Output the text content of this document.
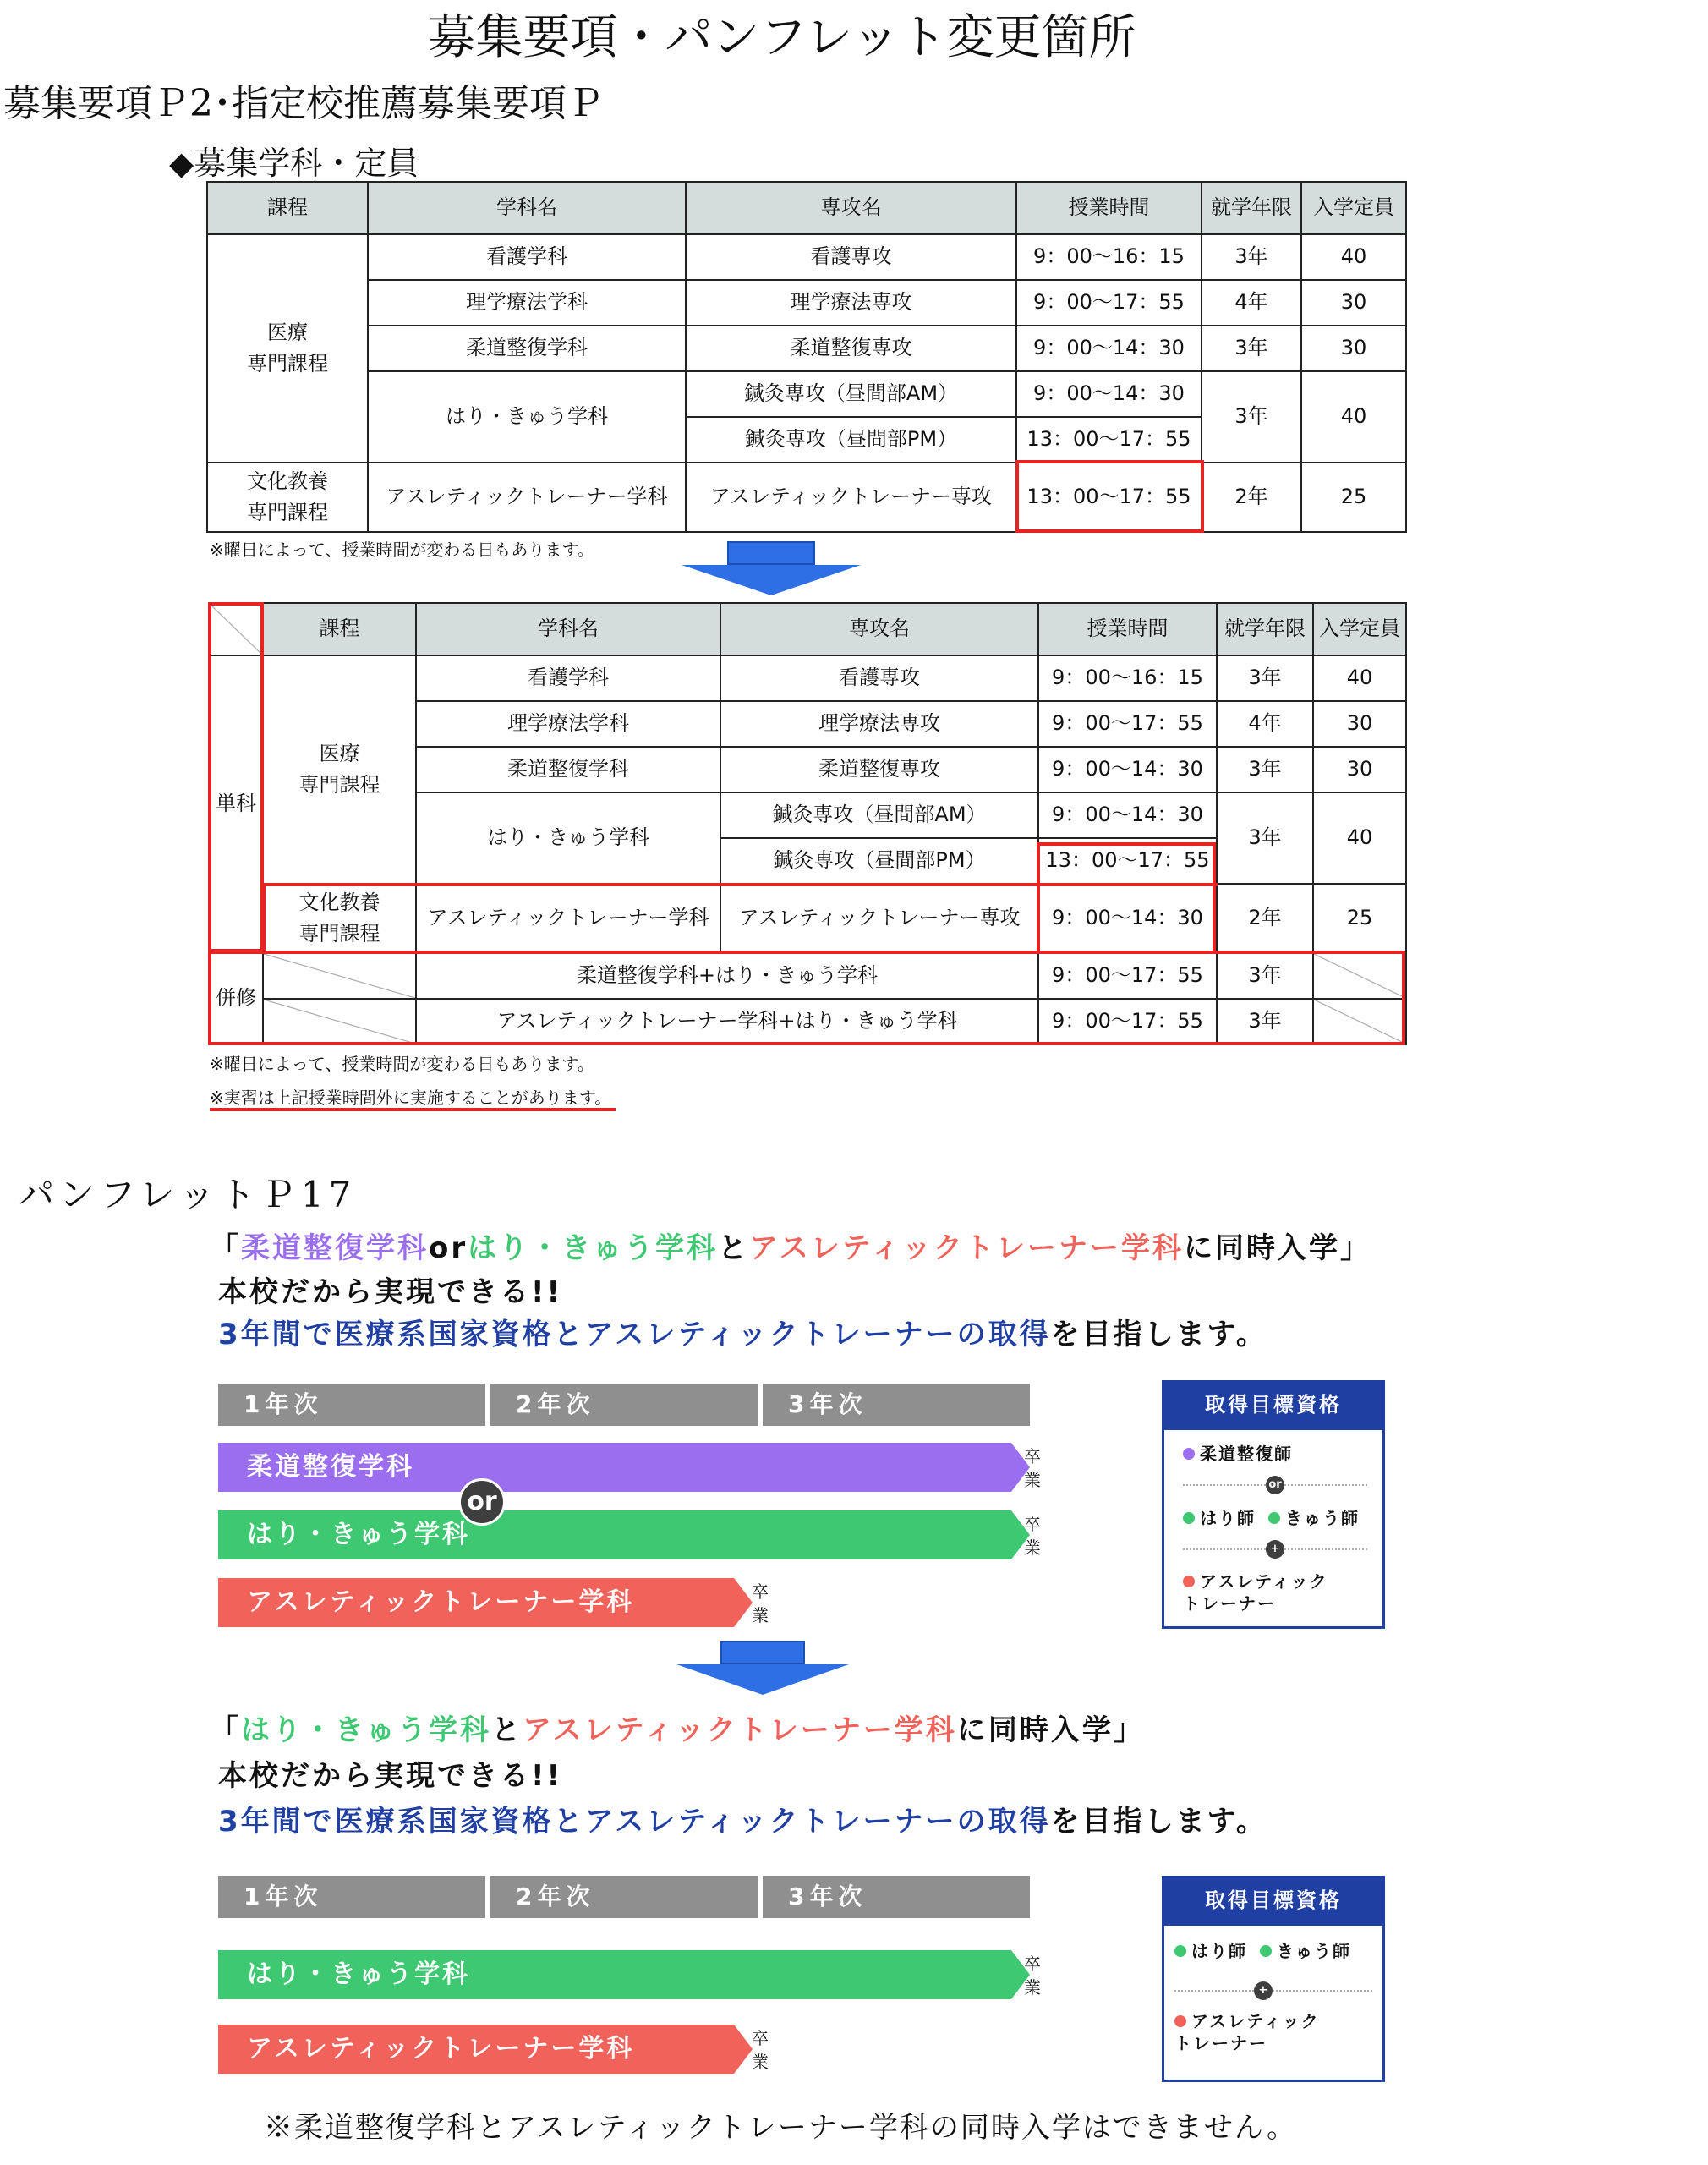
募集要項・パンフレット変更箇所
募集要項Ｐ2･指定校推薦募集要項Ｐ
◆募集学科・定員
課程	学科名	専攻名	授業時間	就学年限	入学定員
医療
専門課程	看護学科	看護専攻	9：00〜16：15	3年	40
	理学療法学科	理学療法専攻	9：00〜17：55	4年	30
	柔道整復学科	柔道整復専攻	9：00〜14：30	3年	30
	はり・きゅう学科	鍼灸専攻（昼間部AM）	9：00〜14：30	3年	40
		鍼灸専攻（昼間部PM）	13：00〜17：55		
文化教養
専門課程	アスレティックトレーナー学科	アスレティックトレーナー専攻	13：00〜17：55	2年	25
※曜日によって、授業時間が変わる日もあります。
	課程	学科名	専攻名	授業時間	就学年限	入学定員
単科	医療
専門課程	看護学科	看護専攻	9：00〜16：15	3年	40
		理学療法学科	理学療法専攻	9：00〜17：55	4年	30
		柔道整復学科	柔道整復専攻	9：00〜14：30	3年	30
		はり・きゅう学科	鍼灸専攻（昼間部AM）	9：00〜14：30	3年	40
			鍼灸専攻（昼間部PM）	13：00〜17：55		
	文化教養
専門課程	アスレティックトレーナー学科	アスレティックトレーナー専攻	9：00〜14：30	2年	25
併修		柔道整復学科+はり・きゅう学科		9：00〜17：55	3年	
		アスレティックトレーナー学科+はり・きゅう学科		9：00〜17：55	3年	
※曜日によって、授業時間が変わる日もあります。
※実習は上記授業時間外に実施することがあります。
パンフレットＰ17
「柔道整復学科orはり・きゅう学科とアスレティックトレーナー学科に同時入学」
本校だから実現できる!!
3年間で医療系国家資格とアスレティックトレーナーの取得を目指します。
1年次	2年次	3年次
柔道整復学科	卒
業
はり・きゅう学科	卒
業
or
アスレティックトレーナー学科	卒
業
取得目標資格
柔道整復師
or
はり師 きゅう師
+
アスレティック
トレーナー
「はり・きゅう学科とアスレティックトレーナー学科に同時入学」
本校だから実現できる!!
3年間で医療系国家資格とアスレティックトレーナーの取得を目指します。
1年次	2年次	3年次
はり・きゅう学科	卒
業
アスレティックトレーナー学科	卒
業
取得目標資格
はり師 きゅう師
+
アスレティック
トレーナー
※柔道整復学科とアスレティックトレーナー学科の同時入学はできません。
